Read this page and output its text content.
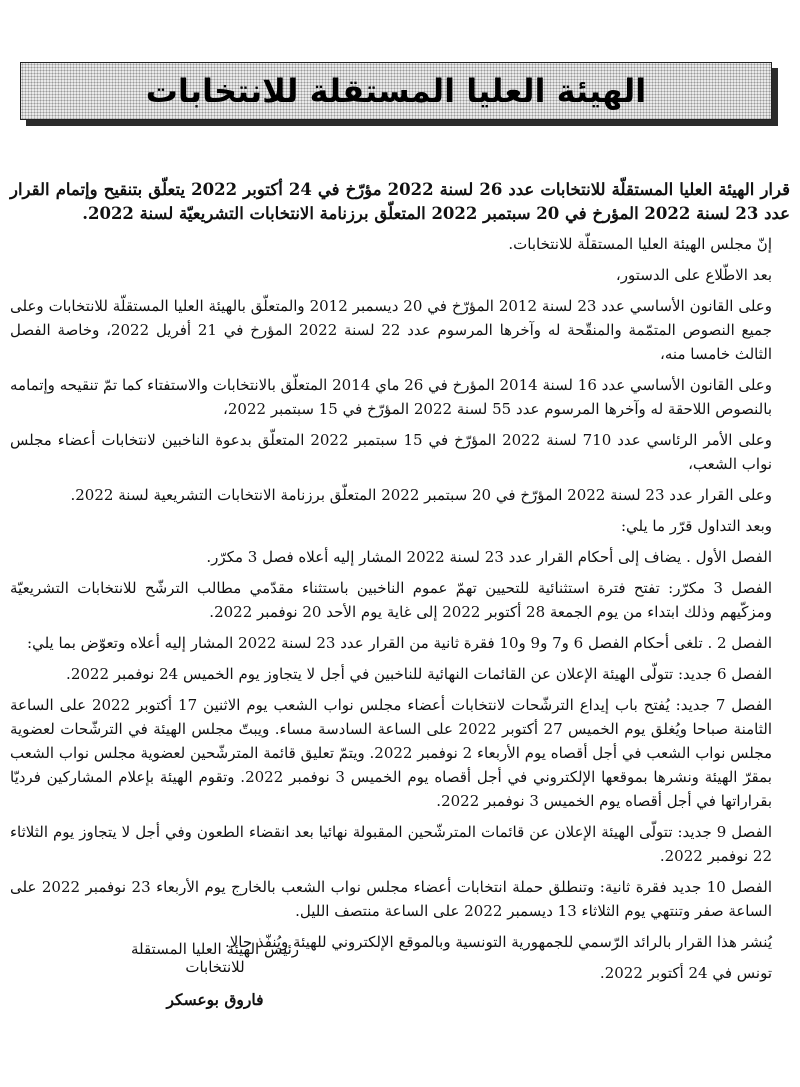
الهيئة العليا المستقلة للانتخابات

قرار الهيئة العليا المستقلّة للانتخابات عدد 26 لسنة 2022 مؤرّخ في 24 أكتوبر 2022 يتعلّق بتنقيح وإتمام القرار عدد 23 لسنة 2022 المؤرخ في 20 سبتمبر 2022 المتعلّق برزنامة الانتخابات التشريعيّة لسنة 2022.

إنّ مجلس الهيئة العليا المستقلّة للانتخابات.

بعد الاطّلاع على الدستور،

وعلى القانون الأساسي عدد 23 لسنة 2012 المؤرّخ في 20 ديسمبر 2012 والمتعلّق بالهيئة العليا المستقلّة للانتخابات وعلى جميع النصوص المتمّمة والمنقّحة له وآخرها المرسوم عدد 22 لسنة 2022 المؤرخ في 21 أفريل 2022، وخاصة الفصل الثالث خامسا منه،

وعلى القانون الأساسي عدد 16 لسنة 2014 المؤرخ في 26 ماي 2014 المتعلّق بالانتخابات والاستفتاء كما تمّ تنقيحه وإتمامه بالنصوص اللاحقة له وآخرها المرسوم عدد 55 لسنة 2022 المؤرّخ في 15 سبتمبر 2022،

وعلى الأمر الرئاسي عدد 710 لسنة 2022 المؤرّخ في 15 سبتمبر 2022 المتعلّق بدعوة الناخبين لانتخابات أعضاء مجلس نواب الشعب،

وعلى القرار عدد 23 لسنة 2022 المؤرّخ في 20 سبتمبر 2022 المتعلّق برزنامة الانتخابات التشريعية لسنة 2022.

وبعد التداول قرّر ما يلي:

الفصل الأول . يضاف إلى أحكام القرار عدد 23 لسنة 2022 المشار إليه أعلاه فصل 3 مكرّر.

الفصل 3 مكرّر: تفتح فترة استثنائية للتحيين تهمّ عموم الناخبين باستثناء مقدّمي مطالب الترشّح للانتخابات التشريعيّة ومزكّيهم وذلك ابتداء من يوم الجمعة 28 أكتوبر 2022 إلى غاية يوم الأحد 20 نوفمبر 2022.

الفصل 2 . تلغى أحكام الفصل 6 و7 و9 و10 فقرة ثانية من القرار عدد 23 لسنة 2022 المشار إليه أعلاه وتعوّض بما يلي:

الفصل 6 جديد: تتولّى الهيئة الإعلان عن القائمات النهائية للناخبين في أجل لا يتجاوز يوم الخميس 24 نوفمبر 2022.

الفصل 7 جديد: يُفتح باب إيداع الترشّحات لانتخابات أعضاء مجلس نواب الشعب يوم الاثنين 17 أكتوبر 2022 على الساعة الثامنة صباحا ويُغلق يوم الخميس 27 أكتوبر 2022 على الساعة السادسة مساء. ويبتّ مجلس الهيئة في الترشّحات لعضوية مجلس نواب الشعب في أجل أقصاه يوم الأربعاء 2 نوفمبر 2022. ويتمّ تعليق قائمة المترشّحين لعضوية مجلس نواب الشعب بمقرّ الهيئة ونشرها بموقعها الإلكتروني في أجل أقصاه يوم الخميس 3 نوفمبر 2022. وتقوم الهيئة بإعلام المشاركين فرديّا بقراراتها في أجل أقصاه يوم الخميس 3 نوفمبر 2022.

الفصل 9 جديد: تتولّى الهيئة الإعلان عن قائمات المترشّحين المقبولة نهائيا بعد انقضاء الطعون وفي أجل لا يتجاوز يوم الثلاثاء 22 نوفمبر 2022.

الفصل 10 جديد فقرة ثانية: وتنطلق حملة انتخابات أعضاء مجلس نواب الشعب بالخارج يوم الأربعاء 23 نوفمبر 2022 على الساعة صفر وتنتهي يوم الثلاثاء 13 ديسمبر 2022 على الساعة منتصف الليل.

يُنشر هذا القرار بالرائد الرّسمي للجمهورية التونسية وبالموقع الإلكتروني للهيئة ويُنفّذ حالا.

تونس في 24 أكتوبر 2022.

رئيس الهيئة العليا المستقلة للانتخابات
فاروق بوعسكر
